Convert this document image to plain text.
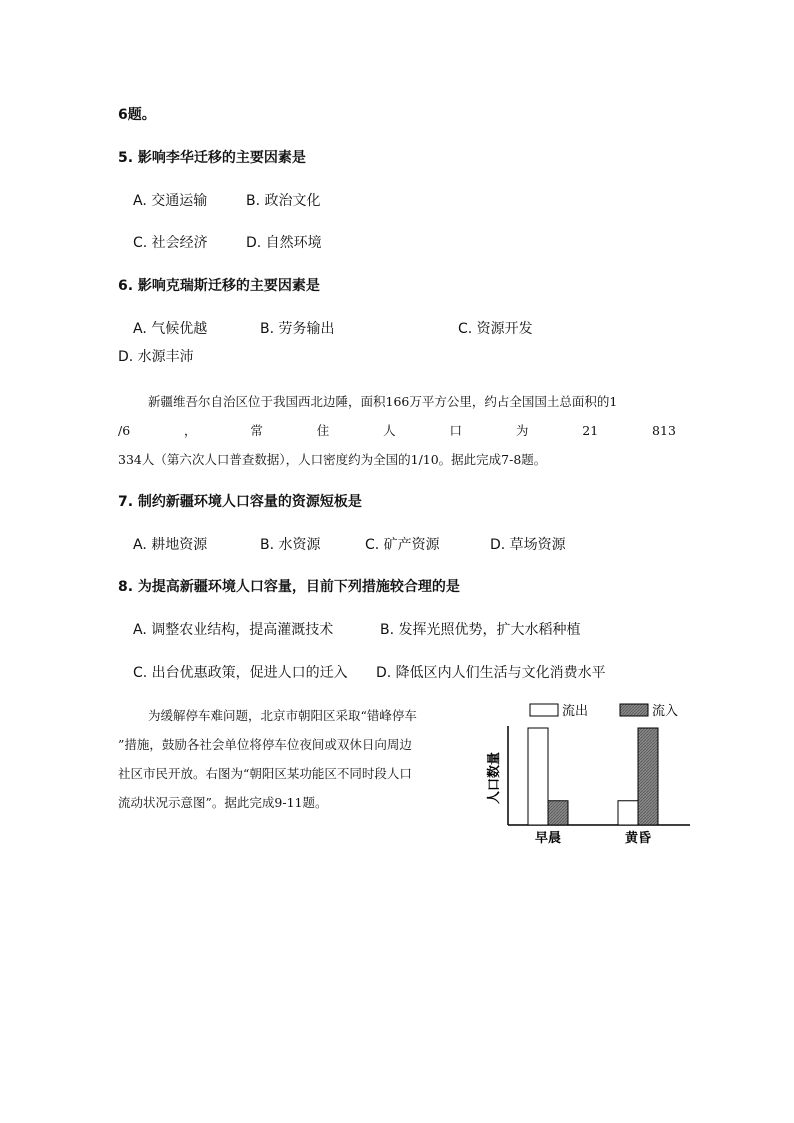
6题。
5. 影响李华迁移的主要因素是
A. 交通运输	B. 政治文化
C. 社会经济	D. 自然环境
6. 影响克瑞斯迁移的主要因素是
A. 气候优越	B. 劳务输出	C. 资源开发
D. 水源丰沛
新疆维吾尔自治区位于我国西北边陲，面积166万平方公里，约占全国国土总面积的1
/6	，	常	住	人	口	为	21	813
334人（第六次人口普查数据），人口密度约为全国的1/10。据此完成7-8题。
7. 制约新疆环境人口容量的资源短板是
A. 耕地资源	B. 水资源	C. 矿产资源	D. 草场资源
8. 为提高新疆环境人口容量，目前下列措施较合理的是
A. 调整农业结构，提高灌溉技术	B. 发挥光照优势，扩大水稻种植
C. 出台优惠政策，促进人口的迁入 D. 降低区内人们生活与文化消费水平
为缓解停车难问题，北京市朝阳区采取“错峰停车
”措施，鼓励各社会单位将停车位夜间或双休日向周边
社区市民开放。右图为“朝阳区某功能区不同时段人口
流动状况示意图”。据此完成9-11题。
流出	流入
人口数量
早晨	黄昏
